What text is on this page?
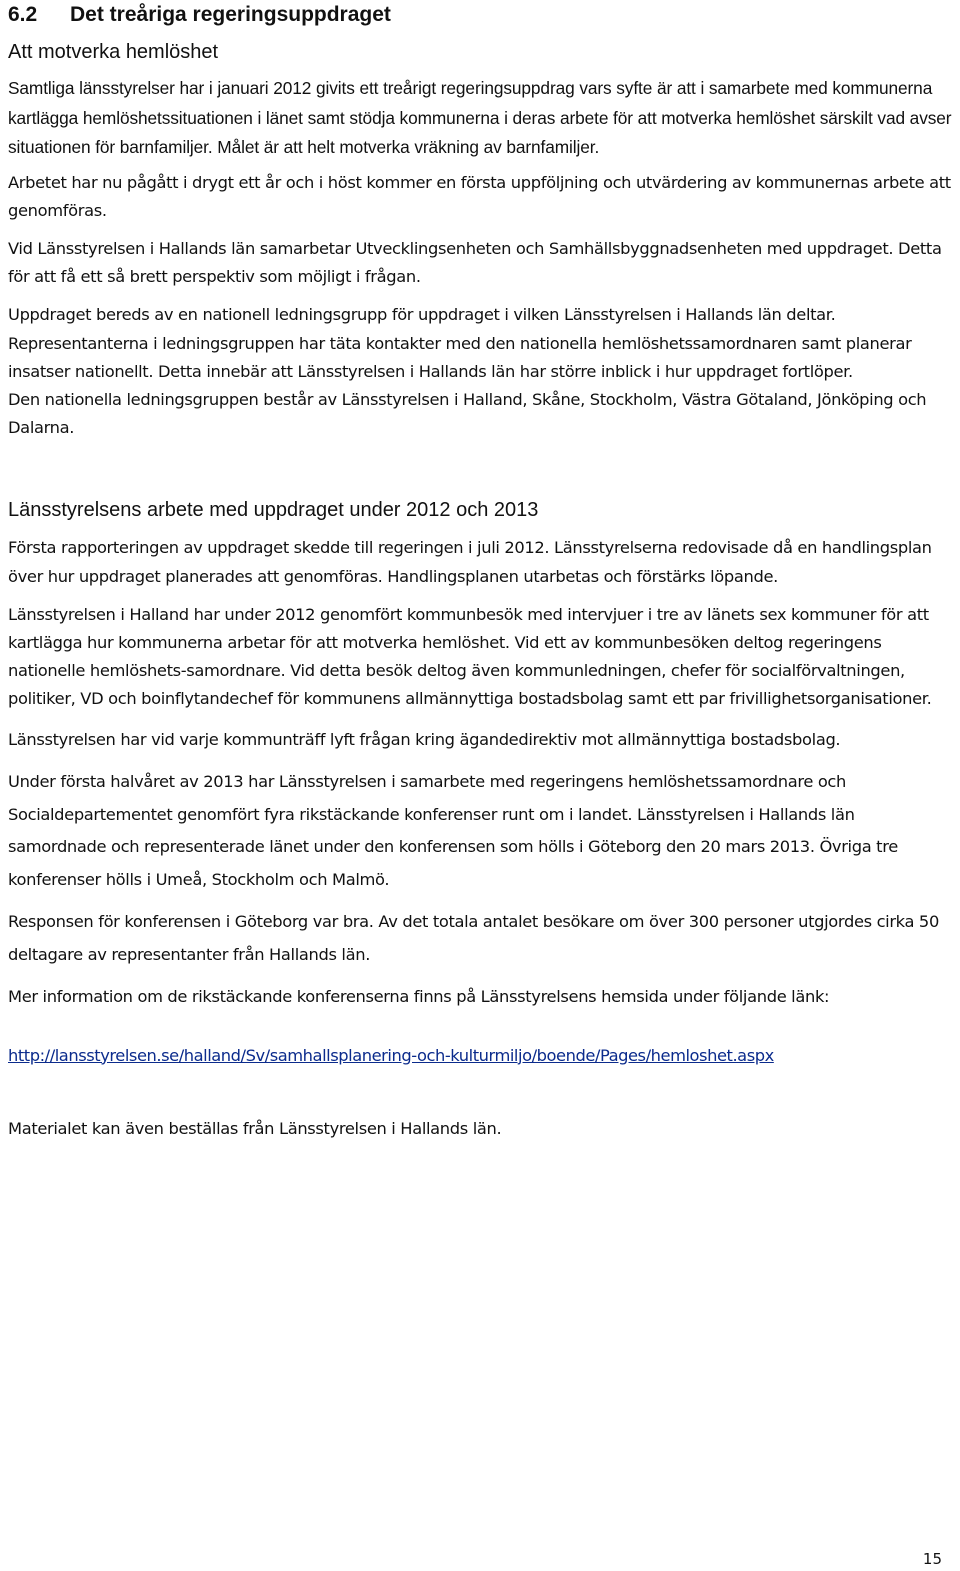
6.2	Det treåriga regeringsuppdraget
Att motverka hemlöshet

Samtliga länsstyrelser har i januari 2012 givits ett treårigt regeringsuppdrag vars syfte är att i samarbete med kommunerna kartlägga hemlöshetssituationen i länet samt stödja kommunerna i deras arbete för att motverka hemlöshet särskilt vad avser situationen för barnfamiljer. Målet är att helt motverka vräkning av barnfamiljer.

Arbetet har nu pågått i drygt ett år och i höst kommer en första uppföljning och utvärdering av kommunernas arbete att genomföras.

Vid Länsstyrelsen i Hallands län samarbetar Utvecklingsenheten och Samhällsbyggnadsenheten med uppdraget. Detta för att få ett så brett perspektiv som möjligt i frågan.

Uppdraget bereds av en nationell ledningsgrupp för uppdraget i vilken Länsstyrelsen i Hallands län deltar. Representanterna i ledningsgruppen har täta kontakter med den nationella hemlöshetssamordnaren samt planerar insatser nationellt. Detta innebär att Länsstyrelsen i Hallands län har större inblick i hur uppdraget fortlöper.

Den nationella ledningsgruppen består av Länsstyrelsen i Halland, Skåne, Stockholm, Västra Götaland, Jönköping och Dalarna.

Länsstyrelsens arbete med uppdraget under 2012 och 2013

Första rapporteringen av uppdraget skedde till regeringen i juli 2012. Länsstyrelserna redovisade då en handlingsplan över hur uppdraget planerades att genomföras. Handlingsplanen utarbetas och förstärks löpande.

Länsstyrelsen i Halland har under 2012 genomfört kommunbesök med intervjuer i tre av länets sex kommuner för att kartlägga hur kommunerna arbetar för att motverka hemlöshet. Vid ett av kommunbesöken deltog regeringens nationelle hemlöshets-samordnare. Vid detta besök deltog även kommunledningen, chefer för socialförvaltningen, politiker, VD och boinflytandechef för kommunens allmännyttiga bostadsbolag samt ett par frivillighetsorganisationer.

Länsstyrelsen har vid varje kommunträff lyft frågan kring ägandedirektiv mot allmännyttiga bostadsbolag.

Under första halvåret av 2013 har Länsstyrelsen i samarbete med regeringens hemlöshetssamordnare och Socialdepartementet genomfört fyra rikstäckande konferenser runt om i landet. Länsstyrelsen i Hallands län samordnade och representerade länet under den konferensen som hölls i Göteborg den 20 mars 2013. Övriga tre konferenser hölls i Umeå, Stockholm och Malmö.

Responsen för konferensen i Göteborg var bra. Av det totala antalet besökare om över 300 personer utgjordes cirka 50 deltagare av representanter från Hallands län.

Mer information om de rikstäckande konferenserna finns på Länsstyrelsens hemsida under följande länk:

http://lansstyrelsen.se/halland/Sv/samhallsplanering-och-kulturmiljo/boende/Pages/hemloshet.aspx

Materialet kan även beställas från Länsstyrelsen i Hallands län.

15
